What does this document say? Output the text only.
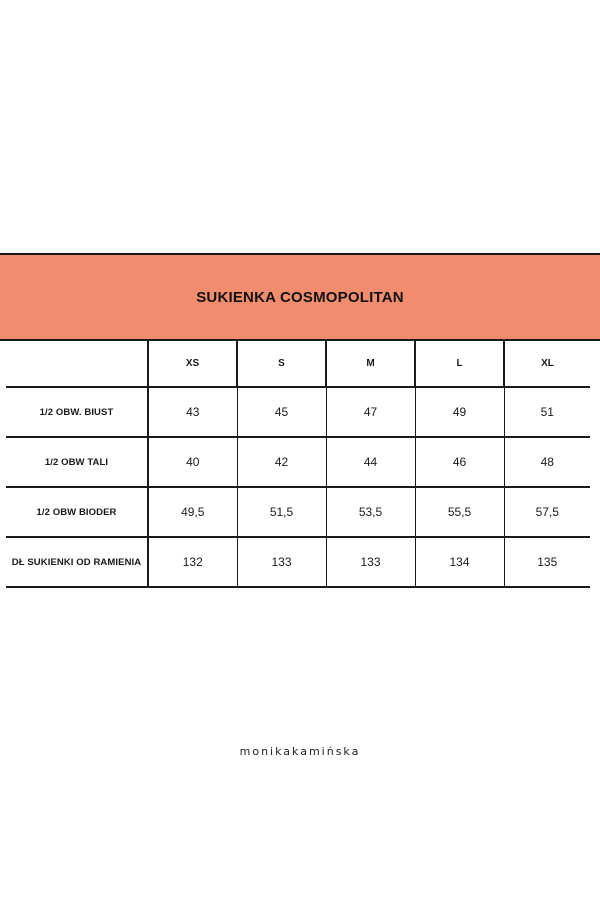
SUKIENKA COSMOPOLITAN
	XS	S	M	L	XL
1/2 OBW. BIUST	43	45	47	49	51
1/2 OBW TALI	40	42	44	46	48
1/2 OBW BIODER	49,5	51,5	53,5	55,5	57,5
DŁ SUKIENKI OD RAMIENIA	132	133	133	134	135
monikakamińska
